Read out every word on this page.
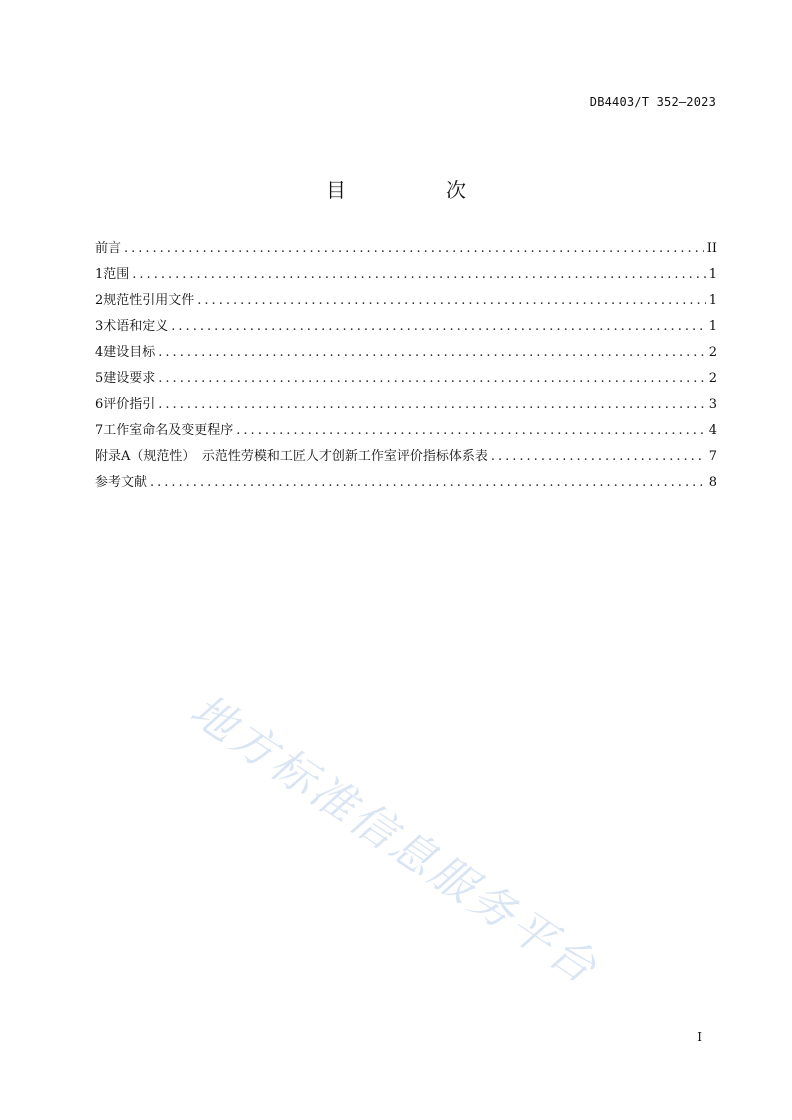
DB4403/T 352—2023
目　次
前言 .....	II
1 范围 .....	1
2 规范性引用文件 .....	1
3 术语和定义 .....	1
4 建设目标 .....	2
5 建设要求 .....	2
6 评价指引 .....	3
7 工作室命名及变更程序 .....	4
附录A（规范性）　示范性劳模和工匠人才创新工作室评价指标体系表 .....	7
参考文献 .....	8
地方标准信息服务平台
I
